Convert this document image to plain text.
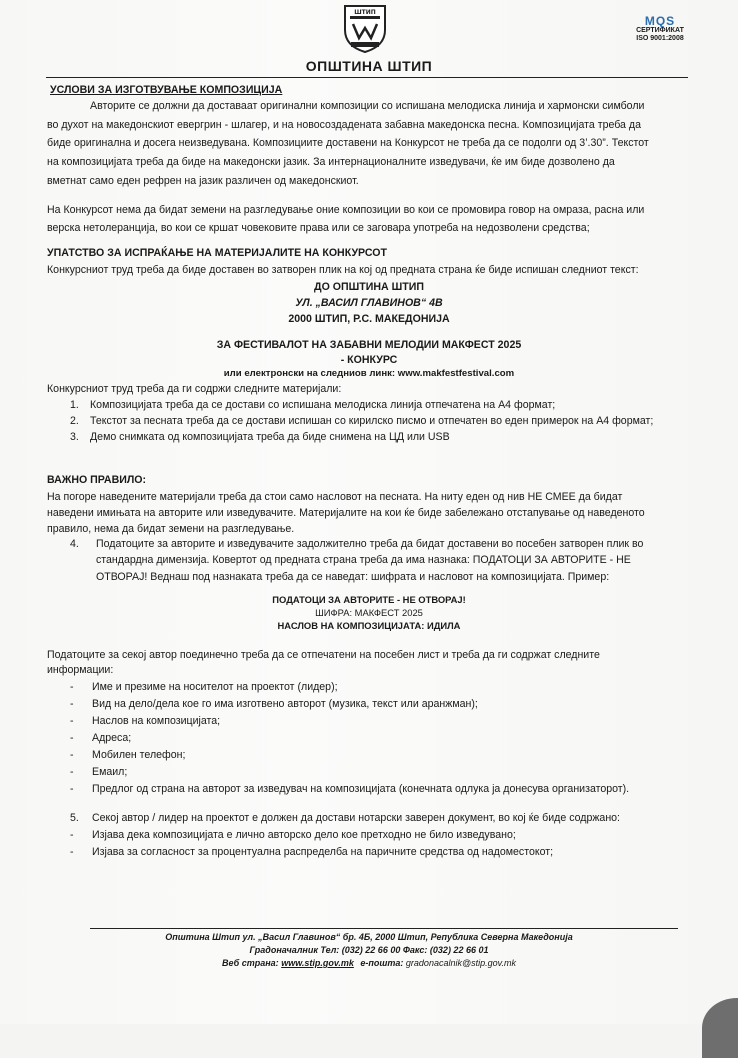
ШТИП
MQS
СЕРТИФИКАТ
ISO 9001:2008
ОПШТИНА ШТИП
УСЛОВИ ЗА ИЗГОТВУВАЊЕ КОМПОЗИЦИЈА
Авторите се должни да доставаат оригинални композиции со испишана мелодиска линија и хармонски симболи
во духот на македонскиот евергрин - шлагер, и на новосоздадената забавна македонска песна. Композицијата треба да
биде оригинална и досега неизведувана. Композициите доставени на Конкурсот не треба да се подолги од 3’.30”. Текстот
на композицијата треба да биде на македонски јазик. За интернационалните изведувачи, ќе им биде дозволено да
вметнат само еден рефрен на јазик различен од македонскиот.
На Конкурсот нема да бидат земени на разгледување оние композиции во кои се промовира говор на омраза, расна или
верска нетолеранција, во кои се кршат човековите права или се заговара употреба на недозволени средства;
УПАТСТВО ЗА ИСПРАЌАЊЕ НА МАТЕРИЈАЛИТЕ НА КОНКУРСОТ
Конкурсниот труд треба да биде доставен во затворен плик на кој од предната страна ќе биде испишан следниот текст:
ДО ОПШТИНА ШТИП
УЛ. „ВАСИЛ ГЛАВИНОВ“ 4В
2000 ШТИП, Р.С. МАКЕДОНИЈА
ЗА ФЕСТИВАЛОТ НА ЗАБАВНИ МЕЛОДИИ МАКФЕСТ 2025
- КОНКУРС
или електронски на следниов линк: www.makfestfestival.com
Конкурсниот труд треба да ги содржи следните материјали:
1. Композицијата треба да се достави со испишана мелодиска линија отпечатена на А4 формат;
2. Текстот за песната треба да се достави испишан со кирилско писмо и отпечатен во еден примерок на А4 формат;
3. Демо снимката од композицијата треба да биде снимена на ЦД или USB
ВАЖНО ПРАВИЛО:
На погоре наведените материјали треба да стои само насловот на песната. На ниту еден од нив НЕ СМЕЕ да бидат
наведени имињата на авторите или изведувачите. Материјалите на кои ќе биде забележано отстапување од наведеното
правило, нема да бидат земени на разгледување.
4. Податоците за авторите и изведувачите задолжително треба да бидат доставени во посебен затворен плик во
стандардна димензија. Ковертот од предната страна треба да има назнака: ПОДАТОЦИ ЗА АВТОРИТЕ - НЕ
ОТВОРАЈ! Веднаш под назнаката треба да се наведат: шифрата и насловот на композицијата. Пример:
ПОДАТОЦИ ЗА АВТОРИТЕ - НЕ ОТВОРАЈ!
ШИФРА: МАКФЕСТ 2025
НАСЛОВ НА КОМПОЗИЦИЈАТА: ИДИЛА
Податоците за секој автор поединечно треба да се отпечатени на посебен лист и треба да ги содржат следните
информации:
- Име и презиме на носителот на проектот (лидер);
- Вид на дело/дела кое го има изготвено авторот (музика, текст или аранжман);
- Наслов на композицијата;
- Адреса;
- Мобилен телефон;
- Емаил;
- Предлог од страна на авторот за изведувач на композицијата (конечната одлука ја донесува организаторот).
5. Секој автор / лидер на проектот е должен да достави нотарски заверен документ, во кој ќе биде содржано:
- Изјава дека композицијата е лично авторско дело кое претходно не било изведувано;
- Изјава за согласност за процентуална распределба на паричните средства од надоместокот;
Општина Штип ул. „Васил Главинов“ бр. 4Б, 2000 Штип, Република Северна Македонија
Градоначалник Тел: (032) 22 66 00 Факс: (032) 22 66 01
Веб страна: www.stip.gov.mk е-пошта: gradonacalnik@stip.gov.mk
